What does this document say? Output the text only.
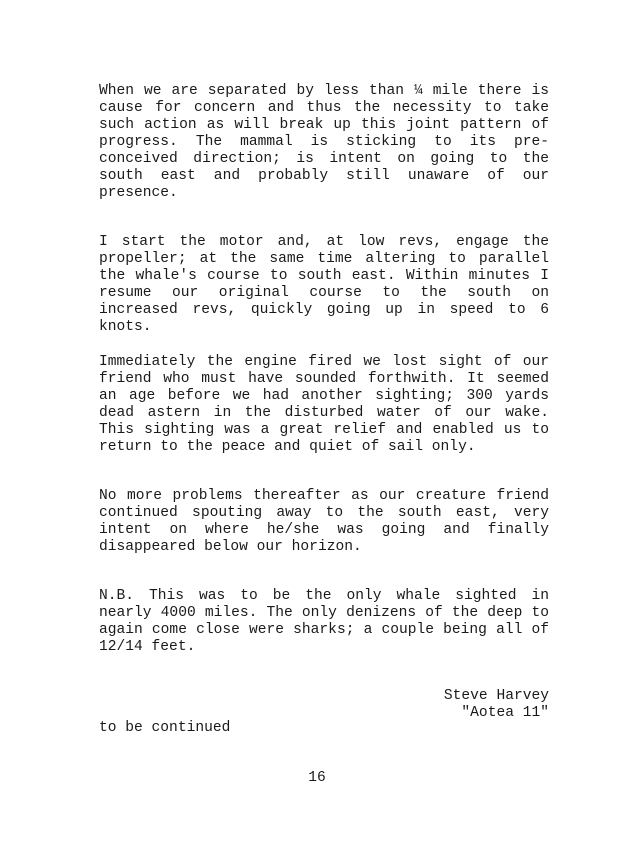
When we are separated by less than ¼ mile there is cause for concern and thus the necessity to take such action as will break up this joint pattern of progress. The mammal is sticking to its pre-conceived direction; is intent on going to the south east and probably still unaware of our presence.

I start the motor and, at low revs, engage the propeller; at the same time altering to parallel the whale's course to south east. Within minutes I resume our original course to the south on increased revs, quickly going up in speed to 6 knots.

Immediately the engine fired we lost sight of our friend who must have sounded forthwith. It seemed an age before we had another sighting; 300 yards dead astern in the disturbed water of our wake. This sighting was a great relief and enabled us to return to the peace and quiet of sail only.

No more problems thereafter as our creature friend continued spouting away to the south east, very intent on where he/she was going and finally disappeared below our horizon.

N.B. This was to be the only whale sighted in nearly 4000 miles. The only denizens of the deep to again come close were sharks; a couple being all of 12/14 feet.

Steve Harvey
"Aotea 11"
to be continued
16
